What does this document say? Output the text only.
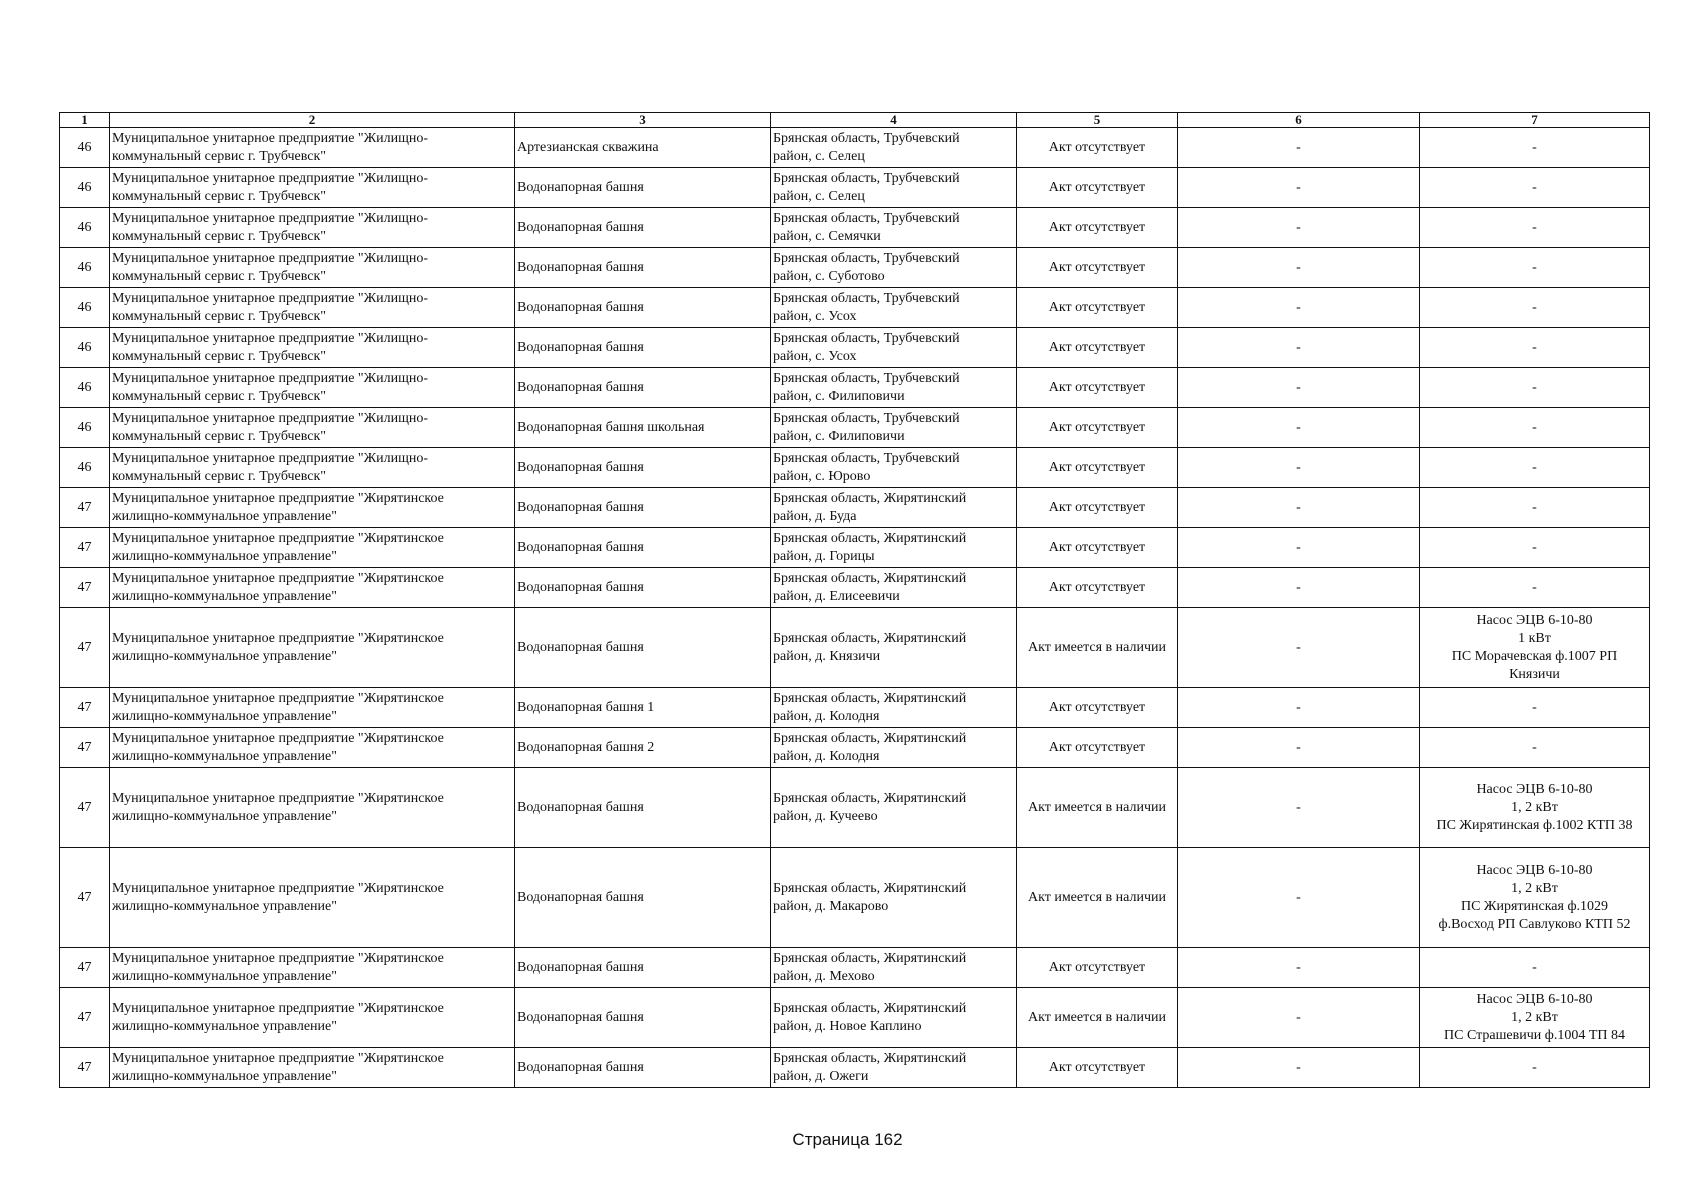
1	2	3	4	5	6	7
46	Муниципальное унитарное предприятие "Жилищно-
коммунальный сервис г. Трубчевск"	Артезианская скважина	Брянская область, Трубчевский
район, с. Селец	Акт отсутствует	-	-

46	Муниципальное унитарное предприятие "Жилищно-
коммунальный сервис г. Трубчевск"	Водонапорная башня	Брянская область, Трубчевский
район, с. Селец	Акт отсутствует	-	-

46	Муниципальное унитарное предприятие "Жилищно-
коммунальный сервис г. Трубчевск"	Водонапорная башня	Брянская область, Трубчевский
район, с. Семячки	Акт отсутствует	-	-

46	Муниципальное унитарное предприятие "Жилищно-
коммунальный сервис г. Трубчевск"	Водонапорная башня	Брянская область, Трубчевский
район, с. Суботово	Акт отсутствует	-	-

46	Муниципальное унитарное предприятие "Жилищно-
коммунальный сервис г. Трубчевск"	Водонапорная башня	Брянская область, Трубчевский
район, с. Усох	Акт отсутствует	-	-

46	Муниципальное унитарное предприятие "Жилищно-
коммунальный сервис г. Трубчевск"	Водонапорная башня	Брянская область, Трубчевский
район, с. Усох	Акт отсутствует	-	-

46	Муниципальное унитарное предприятие "Жилищно-
коммунальный сервис г. Трубчевск"	Водонапорная башня	Брянская область, Трубчевский
район, с. Филиповичи	Акт отсутствует	-	-

46	Муниципальное унитарное предприятие "Жилищно-
коммунальный сервис г. Трубчевск"	Водонапорная башня школьная	Брянская область, Трубчевский
район, с. Филиповичи	Акт отсутствует	-	-

46	Муниципальное унитарное предприятие "Жилищно-
коммунальный сервис г. Трубчевск"	Водонапорная башня	Брянская область, Трубчевский
район, с. Юрово	Акт отсутствует	-	-

47	Муниципальное унитарное предприятие "Жирятинское
жилищно-коммунальное управление"	Водонапорная башня	Брянская область, Жирятинский
район, д. Буда	Акт отсутствует	-	-

47	Муниципальное унитарное предприятие "Жирятинское
жилищно-коммунальное управление"	Водонапорная башня	Брянская область, Жирятинский
район, д. Горицы	Акт отсутствует	-	-

47	Муниципальное унитарное предприятие "Жирятинское
жилищно-коммунальное управление"	Водонапорная башня	Брянская область, Жирятинский
район, д. Елисеевичи	Акт отсутствует	-	-

47	Муниципальное унитарное предприятие "Жирятинское
жилищно-коммунальное управление"	Водонапорная башня	Брянская область, Жирятинский
район, д. Князичи	Акт имеется в наличии	-	Насос ЭЦВ 6-10-80
1 кВт
ПС Морачевская ф.1007 РП
Князичи

47	Муниципальное унитарное предприятие "Жирятинское
жилищно-коммунальное управление"	Водонапорная башня 1	Брянская область, Жирятинский
район, д. Колодня	Акт отсутствует	-	-

47	Муниципальное унитарное предприятие "Жирятинское
жилищно-коммунальное управление"	Водонапорная башня 2	Брянская область, Жирятинский
район, д. Колодня	Акт отсутствует	-	-

47	Муниципальное унитарное предприятие "Жирятинское
жилищно-коммунальное управление"	Водонапорная башня	Брянская область, Жирятинский
район, д. Кучеево	Акт имеется в наличии	-	Насос ЭЦВ 6-10-80
1, 2 кВт
ПС Жирятинская ф.1002 КТП 38

47	Муниципальное унитарное предприятие "Жирятинское
жилищно-коммунальное управление"	Водонапорная башня	Брянская область, Жирятинский
район, д. Макарово	Акт имеется в наличии	-	Насос ЭЦВ 6-10-80
1, 2 кВт
ПС Жирятинская ф.1029
ф.Восход РП Савлуково КТП 52

47	Муниципальное унитарное предприятие "Жирятинское
жилищно-коммунальное управление"	Водонапорная башня	Брянская область, Жирятинский
район, д. Мехово	Акт отсутствует	-	-

47	Муниципальное унитарное предприятие "Жирятинское
жилищно-коммунальное управление"	Водонапорная башня	Брянская область, Жирятинский
район, д. Новое Каплино	Акт имеется в наличии	-	Насос ЭЦВ 6-10-80
1, 2 кВт
ПС Страшевичи ф.1004 ТП 84

47	Муниципальное унитарное предприятие "Жирятинское
жилищно-коммунальное управление"	Водонапорная башня	Брянская область, Жирятинский
район, д. Ожеги	Акт отсутствует	-	-
Страница 162
